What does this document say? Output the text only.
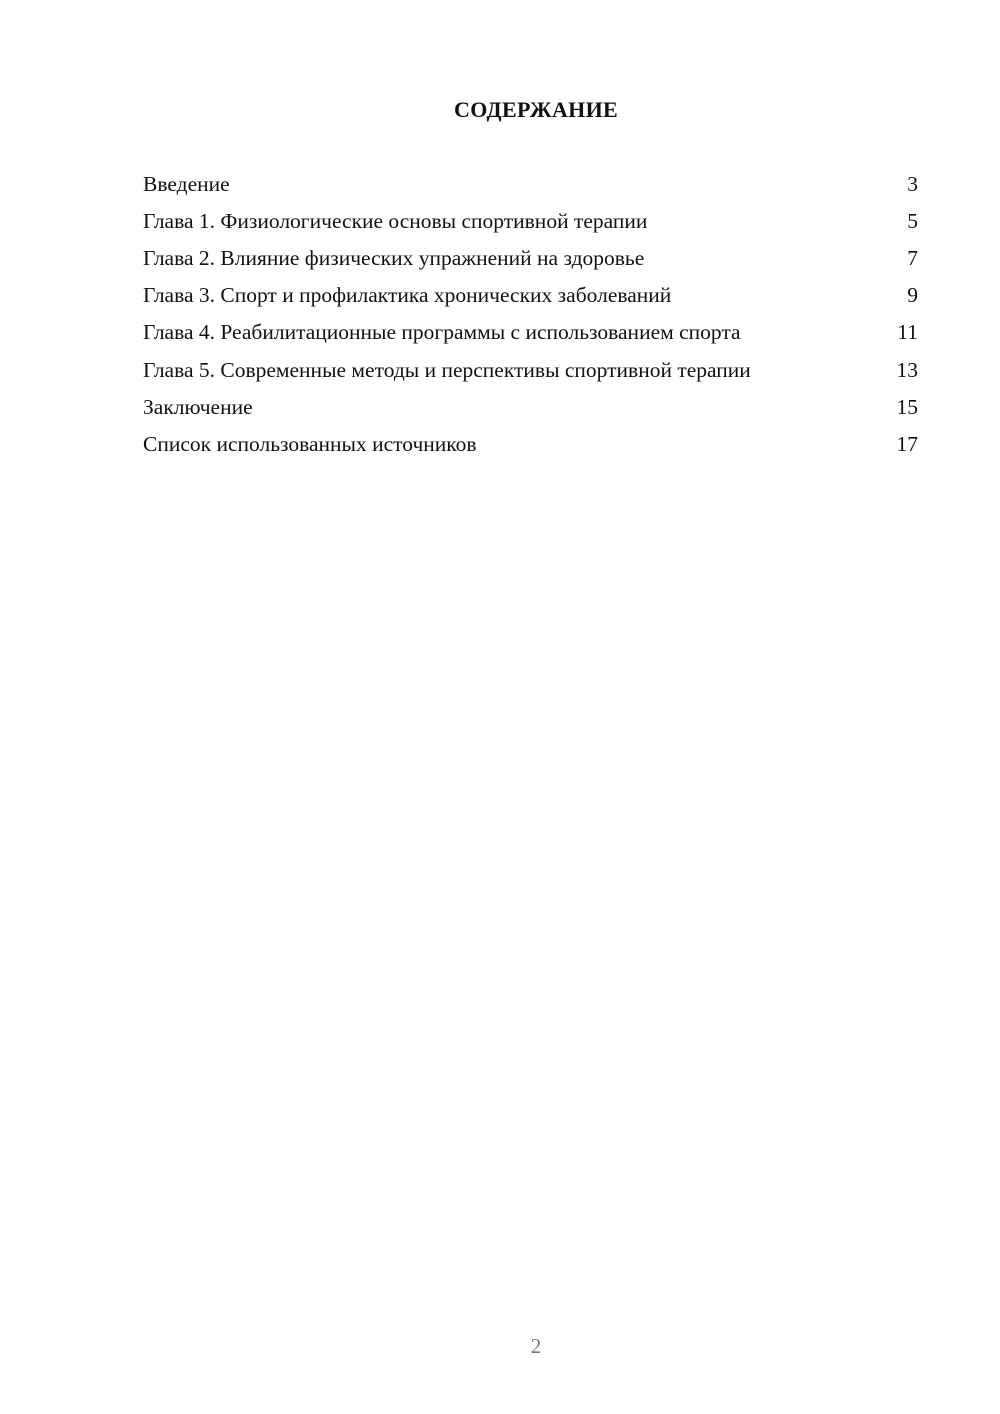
СОДЕРЖАНИЕ
Введение	3
Глава 1. Физиологические основы спортивной терапии	5
Глава 2. Влияние физических упражнений на здоровье	7
Глава 3. Спорт и профилактика хронических заболеваний	9
Глава 4. Реабилитационные программы с использованием спорта	11
Глава 5. Современные методы и перспективы спортивной терапии	13
Заключение	15
Список использованных источников	17
2
